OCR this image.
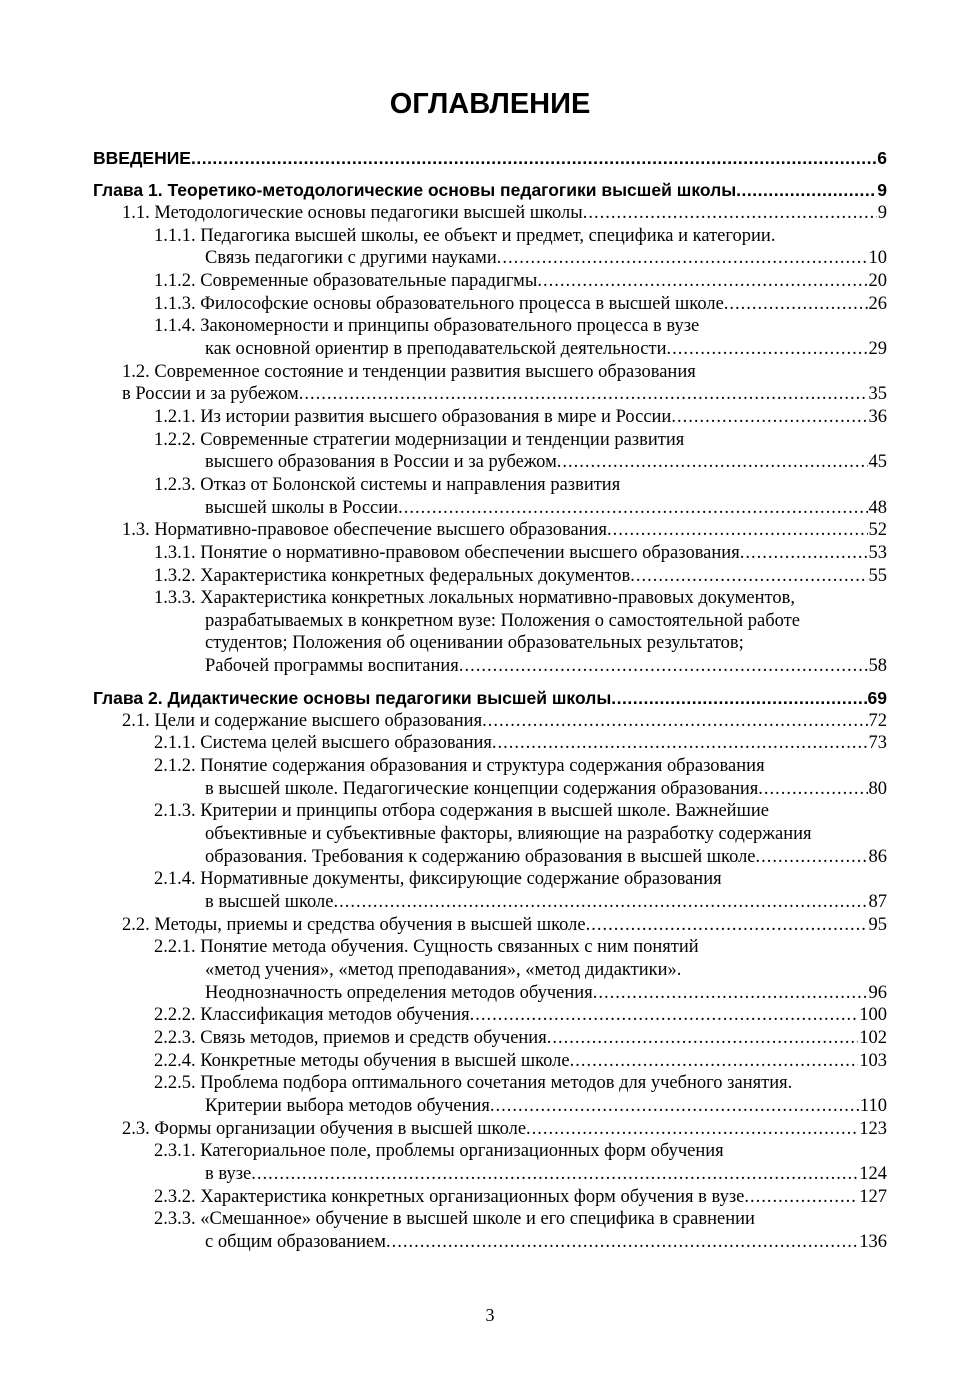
ОГЛАВЛЕНИЕ
ВВЕДЕНИЕ .....	6
Глава 1. Теоретико-методологические основы педагогики высшей школы .....	9
1.1. Методологические основы педагогики высшей школы .....	9
1.1.1. Педагогика высшей школы, ее объект и предмет, специфика и категории.
Связь педагогики с другими науками .....	10
1.1.2. Современные образовательные парадигмы .....	20
1.1.3. Философские основы образовательного процесса в высшей школе .....	26
1.1.4. Закономерности и принципы образовательного процесса в вузе
как основной ориентир в преподавательской деятельности .....	29
1.2. Современное состояние и тенденции развития высшего образования
в России и за рубежом .....	35
1.2.1. Из истории развития высшего образования в мире и России .....	36
1.2.2. Современные стратегии модернизации и тенденции развития
высшего образования в России и за рубежом .....	45
1.2.3. Отказ от Болонской системы и направления развития
высшей школы в России .....	48
1.3. Нормативно-правовое обеспечение высшего образования .....	52
1.3.1. Понятие о нормативно-правовом обеспечении высшего образования .....	53
1.3.2. Характеристика конкретных федеральных документов .....	55
1.3.3. Характеристика конкретных локальных нормативно-правовых документов,
разрабатываемых в конкретном вузе: Положения о самостоятельной работе
студентов; Положения об оценивании образовательных результатов;
Рабочей программы воспитания .....	58
Глава 2. Дидактические основы педагогики высшей школы .....	69
2.1. Цели и содержание высшего образования .....	72
2.1.1. Система целей высшего образования .....	73
2.1.2. Понятие содержания образования и структура содержания образования
в высшей школе. Педагогические концепции содержания образования .....	80
2.1.3. Критерии и принципы отбора содержания в высшей школе. Важнейшие
объективные и субъективные факторы, влияющие на разработку содержания
образования. Требования к содержанию образования в высшей школе .....	86
2.1.4. Нормативные документы, фиксирующие содержание образования
в высшей школе .....	87
2.2. Методы, приемы и средства обучения в высшей школе .....	95
2.2.1. Понятие метода обучения. Сущность связанных с ним понятий
«метод учения», «метод преподавания», «метод дидактики».
Неоднозначность определения методов обучения .....	96
2.2.2. Классификация методов обучения .....	100
2.2.3. Связь методов, приемов и средств обучения .....	102
2.2.4. Конкретные методы обучения в высшей школе .....	103
2.2.5. Проблема подбора оптимального сочетания методов для учебного занятия.
Критерии выбора методов обучения .....	110
2.3. Формы организации обучения в высшей школе .....	123
2.3.1. Категориальное поле, проблемы организационных форм обучения
в вузе .....	124
2.3.2. Характеристика конкретных организационных форм обучения в вузе .....	127
2.3.3. «Смешанное» обучение в высшей школе и его специфика в сравнении
с общим образованием .....	136
3
